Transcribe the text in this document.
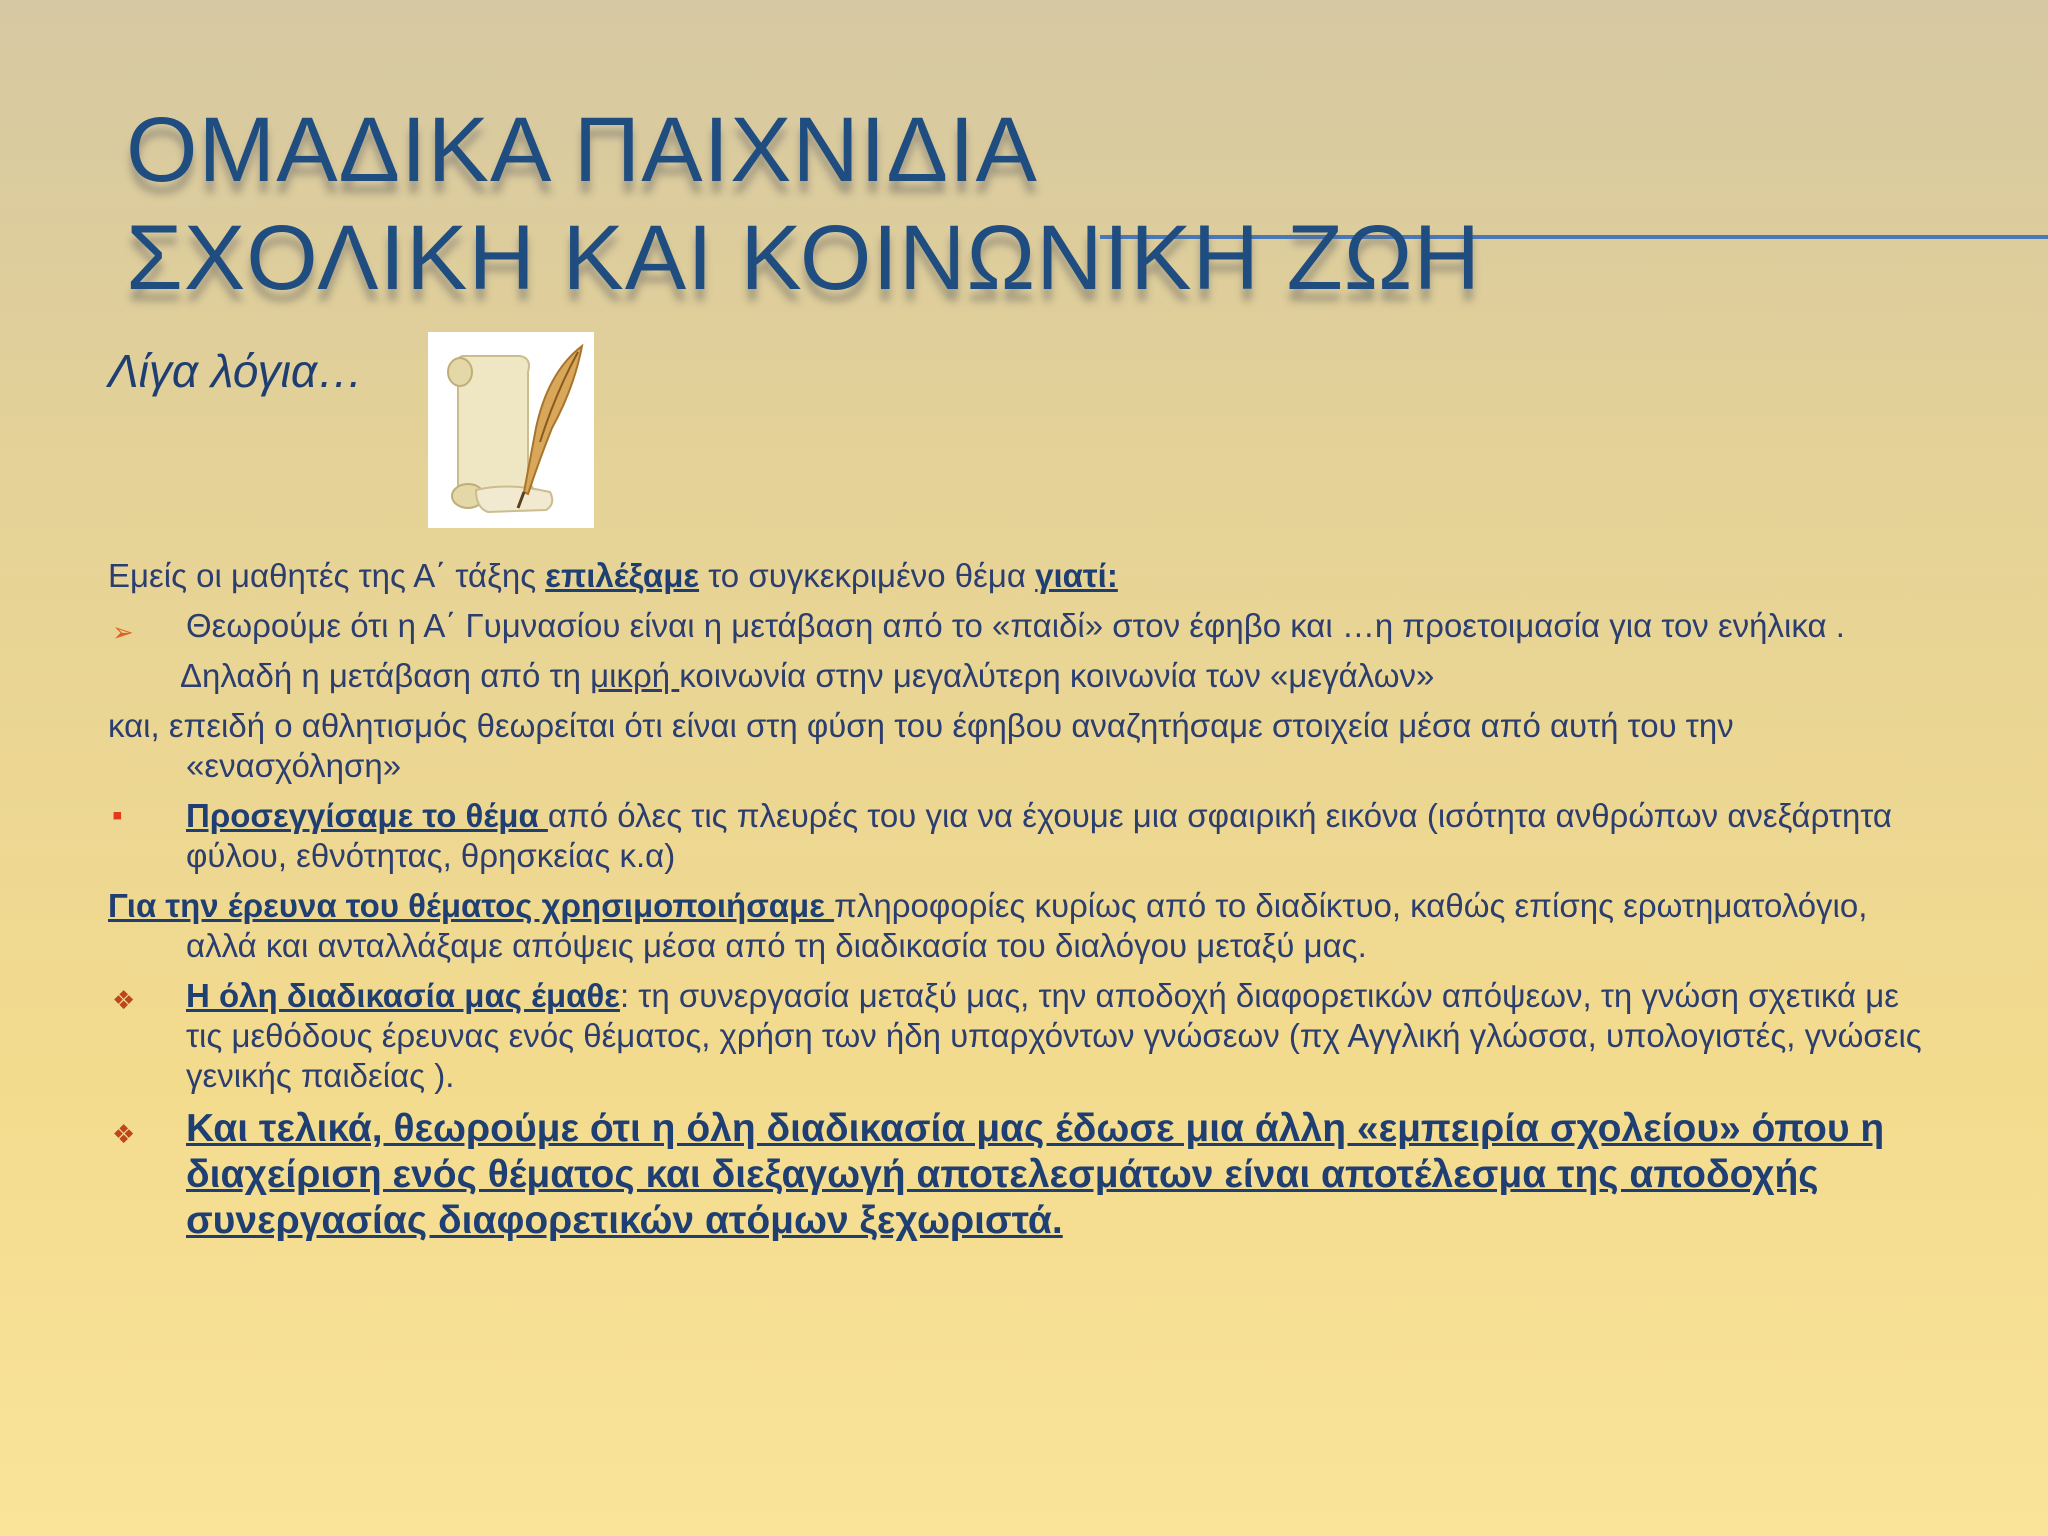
ΟΜΑΔΙΚΑ ΠΑΙΧΝΙΔΙΑ
ΣΧΟΛΙΚΗ ΚΑΙ ΚΟΙΝΩΝΙΚΗ ΖΩΗ
Λίγα λόγια…
Εμείς οι μαθητές της Α΄ τάξης επιλέξαμε το συγκεκριμένο θέμα γιατί:
➢	Θεωρούμε ότι η Α΄ Γυμνασίου είναι η μετάβαση από το «παιδί» στον έφηβο και …η προετοιμασία για τον ενήλικα .
Δηλαδή η μετάβαση από τη μικρή κοινωνία στην μεγαλύτερη κοινωνία των «μεγάλων»
και, επειδή ο αθλητισμός θεωρείται ότι είναι στη φύση του έφηβου αναζητήσαμε στοιχεία μέσα από αυτή του την «ενασχόληση»
▪	Προσεγγίσαμε το θέμα από όλες τις πλευρές του για να έχουμε μια σφαιρική εικόνα (ισότητα ανθρώπων ανεξάρτητα φύλου, εθνότητας, θρησκείας κ.α)
Για την έρευνα του θέματος χρησιμοποιήσαμε πληροφορίες κυρίως από το διαδίκτυο, καθώς επίσης ερωτηματολόγιο, αλλά και ανταλλάξαμε απόψεις μέσα από τη διαδικασία του διαλόγου μεταξύ μας.
❖	Η όλη διαδικασία μας έμαθε: τη συνεργασία μεταξύ μας, την αποδοχή διαφορετικών απόψεων, τη γνώση σχετικά με τις μεθόδους έρευνας ενός θέματος, χρήση των ήδη υπαρχόντων γνώσεων (πχ Αγγλική γλώσσα, υπολογιστές, γνώσεις γενικής παιδείας ).
❖	Και τελικά, θεωρούμε ότι η όλη διαδικασία μας έδωσε μια άλλη «εμπειρία σχολείου» όπου η διαχείριση ενός θέματος και διεξαγωγή αποτελεσμάτων είναι αποτέλεσμα της αποδοχής συνεργασίας διαφορετικών ατόμων ξεχωριστά.
